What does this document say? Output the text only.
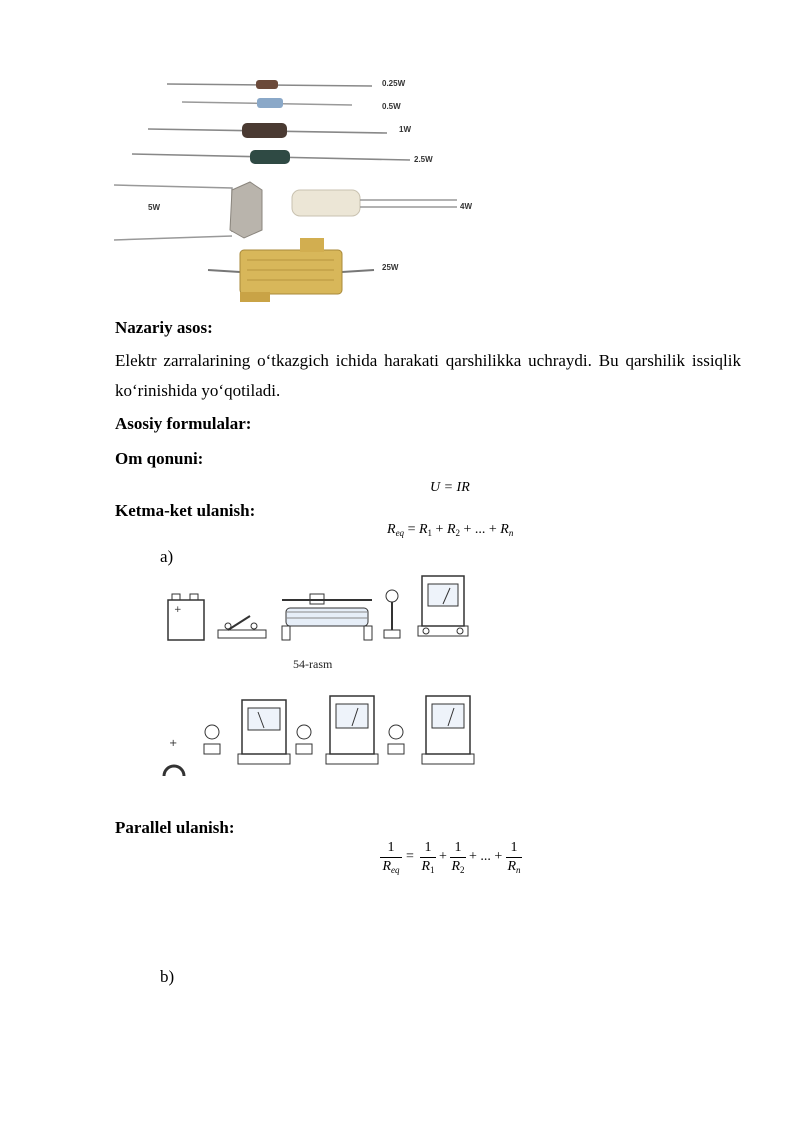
0.25W
0.5W
1W
2.5W
5W	4W
25W
Nazariy asos:
Elektr zarralarining o‘tkazgich ichida harakati qarshilikka uchraydi. Bu qarshilik issiqlik ko‘rinishida yo‘qotiladi.
Asosiy formulalar:
Om qonuni:
U = IR
Ketma-ket ulanish:
$R_{eq} = R_1 + R_2$ + ... + $R_n$
a)
+
54-rasm
+
Parallel ulanish:
1
$R_{eq}$
=
1
$R_1$
+
1
$R_2$
+ ... +
1
$R_n$
b)
